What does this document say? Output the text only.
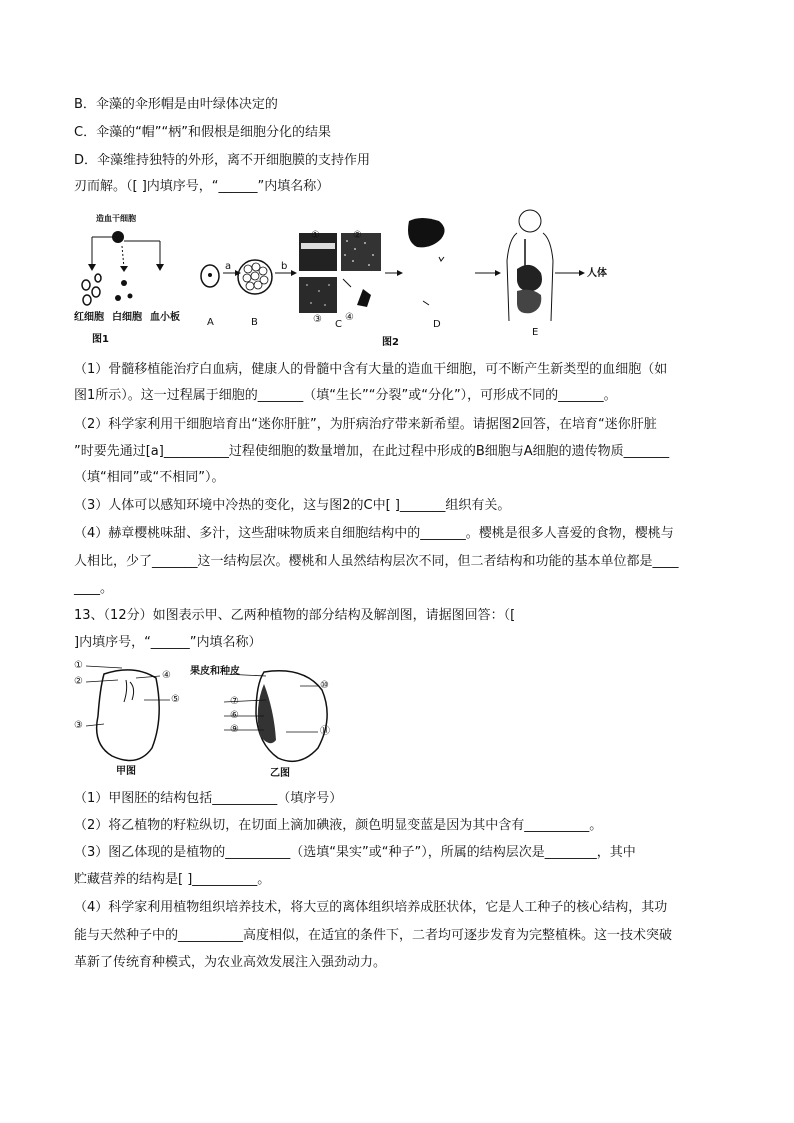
B．伞藻的伞形帽是由叶绿体决定的
C．伞藻的“帽”“柄”和假根是细胞分化的结果
D．伞藻维持独特的外形，离不开细胞膜的支持作用
刃而解。（[ ]内填序号，“______”内填名称）
造血干细胞
红细胞 白细胞 血小板
图1
A
a
B
b
①	②
③ ④
C
图2
D
E
人体
（1）骨髓移植能治疗白血病，健康人的骨髓中含有大量的造血干细胞，可不断产生新类型的血细胞（如
图1所示）。这一过程属于细胞的_______（填“生长”“分裂”或“分化”），可形成不同的_______。
（2）科学家利用干细胞培育出“迷你肝脏”，为肝病治疗带来新希望。请据图2回答，在培育“迷你肝脏
”时要先通过[a]__________过程使细胞的数量增加，在此过程中形成的B细胞与A细胞的遗传物质_______
（填“相同”或“不相同”）。
（3）人体可以感知环境中冷热的变化，这与图2的C中[ ]_______组织有关。
（4）赫章樱桃味甜、多汁，这些甜味物质来自细胞结构中的_______。樱桃是很多人喜爱的食物，樱桃与
人相比，少了_______这一结构层次。樱桃和人虽然结构层次不同，但二者结构和功能的基本单位都是____
____。
13、（12分）如图表示甲、乙两种植物的部分结构及解剖图，请据图回答：（[
]内填序号，“______”内填名称）
①
②
③
④
⑤
甲图
果皮和种皮
⑦
⑥
⑨
⑩
⑪
乙图
（1）甲图胚的结构包括__________（填序号）
（2）将乙植物的籽粒纵切，在切面上滴加碘液，颜色明显变蓝是因为其中含有__________。
（3）图乙体现的是植物的__________（选填“果实”或“种子”），所属的结构层次是________，其中
贮藏营养的结构是[ ]__________。
（4）科学家利用植物组织培养技术，将大豆的离体组织培养成胚状体，它是人工种子的核心结构，其功
能与天然种子中的__________高度相似，在适宜的条件下，二者均可逐步发育为完整植株。这一技术突破
革新了传统育种模式，为农业高效发展注入强劲动力。
